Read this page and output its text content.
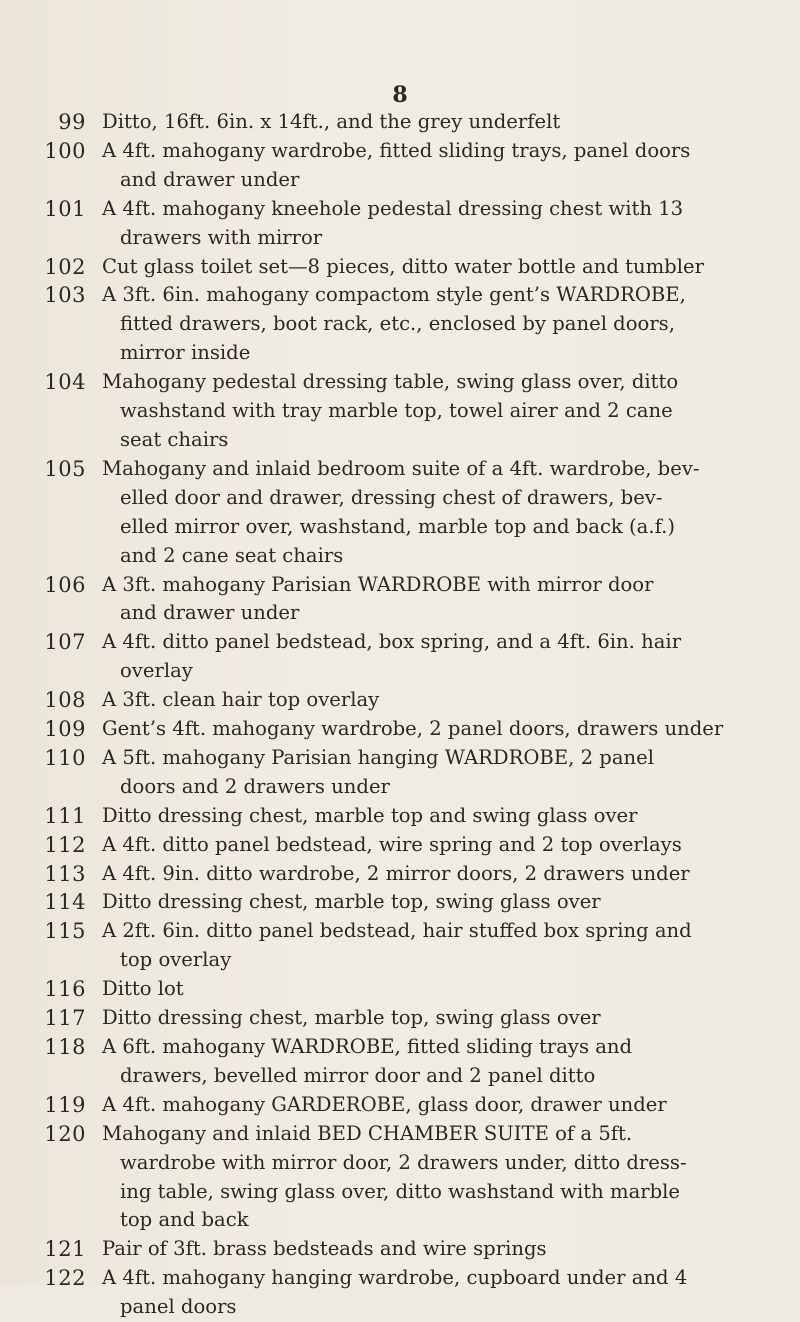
8
99 Ditto, 16ft. 6in. x 14ft., and the grey underfelt
100 A 4ft. mahogany wardrobe, fitted sliding trays, panel doors
and drawer under
101 A 4ft. mahogany kneehole pedestal dressing chest with 13
drawers with mirror
102 Cut glass toilet set—8 pieces, ditto water bottle and tumbler
103 A 3ft. 6in. mahogany compactom style gent’s WARDROBE,
fitted drawers, boot rack, etc., enclosed by panel doors,
mirror inside
104 Mahogany pedestal dressing table, swing glass over, ditto
washstand with tray marble top, towel airer and 2 cane
seat chairs
105 Mahogany and inlaid bedroom suite of a 4ft. wardrobe, bev-
elled door and drawer, dressing chest of drawers, bev-
elled mirror over, washstand, marble top and back (a.f.)
and 2 cane seat chairs
106 A 3ft. mahogany Parisian WARDROBE with mirror door
and drawer under
107 A 4ft. ditto panel bedstead, box spring, and a 4ft. 6in. hair
overlay
108 A 3ft. clean hair top overlay
109 Gent’s 4ft. mahogany wardrobe, 2 panel doors, drawers under
110 A 5ft. mahogany Parisian hanging WARDROBE, 2 panel
doors and 2 drawers under
111 Ditto dressing chest, marble top and swing glass over
112 A 4ft. ditto panel bedstead, wire spring and 2 top overlays
113 A 4ft. 9in. ditto wardrobe, 2 mirror doors, 2 drawers under
114 Ditto dressing chest, marble top, swing glass over
115 A 2ft. 6in. ditto panel bedstead, hair stuffed box spring and
top overlay
116 Ditto lot
117 Ditto dressing chest, marble top, swing glass over
118 A 6ft. mahogany WARDROBE, fitted sliding trays and
drawers, bevelled mirror door and 2 panel ditto
119 A 4ft. mahogany GARDEROBE, glass door, drawer under
120 Mahogany and inlaid BED CHAMBER SUITE of a 5ft.
wardrobe with mirror door, 2 drawers under, ditto dress-
ing table, swing glass over, ditto washstand with marble
top and back
121 Pair of 3ft. brass bedsteads and wire springs
122 A 4ft. mahogany hanging wardrobe, cupboard under and 4
panel doors
